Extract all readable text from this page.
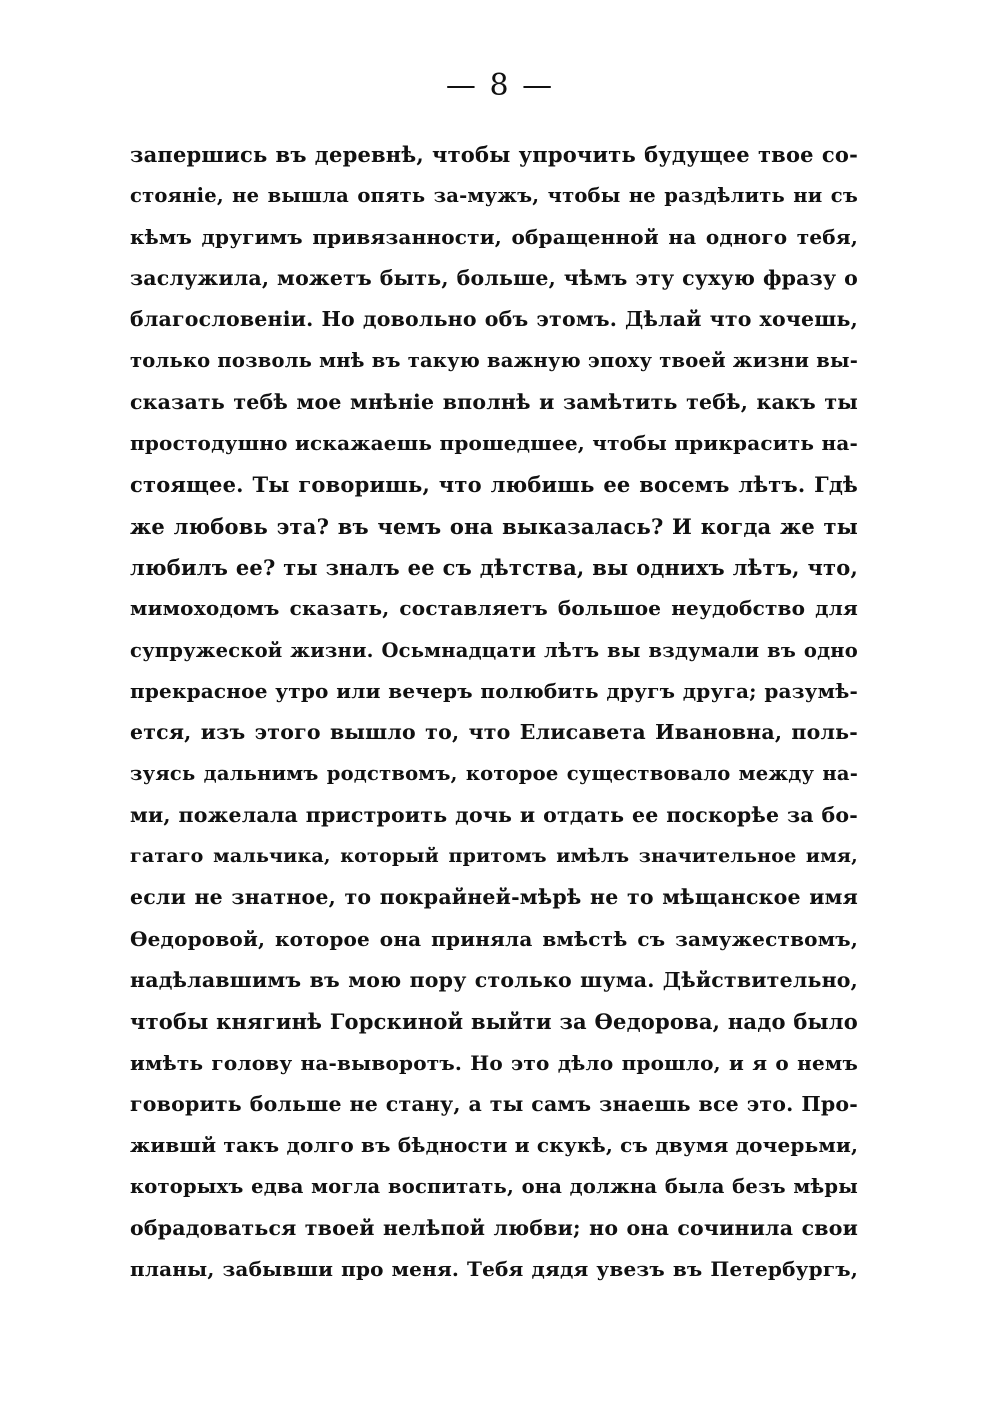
— 8 —
запершись въ деревнѣ, чтобы упрочить будущее твое со-
стояніе, не вышла опять за-мужъ, чтобы не раздѣлить ни съ
кѣмъ другимъ привязанности, обращенной на одного тебя,
заслужила, можетъ быть, больше, чѣмъ эту сухую фразу о
благословеніи. Но довольно объ этомъ. Дѣлай что хочешь,
только позволь мнѣ въ такую важную эпоху твоей жизни вы-
сказать тебѣ мое мнѣніе вполнѣ и замѣтить тебѣ, какъ ты
простодушно искажаешь прошедшее, чтобы прикрасить на-
стоящее. Ты говоришь, что любишь ее восемъ лѣтъ. Гдѣ
же любовь эта? въ чемъ она выказалась? И когда же ты
любилъ ее? ты зналъ ее съ дѣтства, вы однихъ лѣтъ, что,
мимоходомъ сказать, составляетъ большое неудобство для
супружеской жизни. Осьмнадцати лѣтъ вы вздумали въ одно
прекрасное утро или вечеръ полюбить другъ друга; разумѣ-
ется, изъ этого вышло то, что Елисавета Ивановна, поль-
зуясь дальнимъ родствомъ, которое существовало между на-
ми, пожелала пристроить дочь и отдать ее поскорѣе за бо-
гатаго мальчика, который притомъ имѣлъ значительное имя,
если не знатное, то покрайней-мѣрѣ не то мѣщанское имя
Ѳедоровой, которое она приняла вмѣстѣ съ замужествомъ,
надѣлавшимъ въ мою пору столько шума. Дѣйствительно,
чтобы княгинѣ Горскиной выйти за Ѳедорова, надо было
имѣть голову на-выворотъ. Но это дѣло прошло, и я о немъ
говорить больше не стану, а ты самъ знаешь все это. Про-
жившй такъ долго въ бѣдности и скукѣ, съ двумя дочерьми,
которыхъ едва могла воспитать, она должна была безъ мѣры
обрадоваться твоей нелѣпой любви; но она сочинила свои
планы, забывши про меня. Тебя дядя увезъ въ Петербургъ,
